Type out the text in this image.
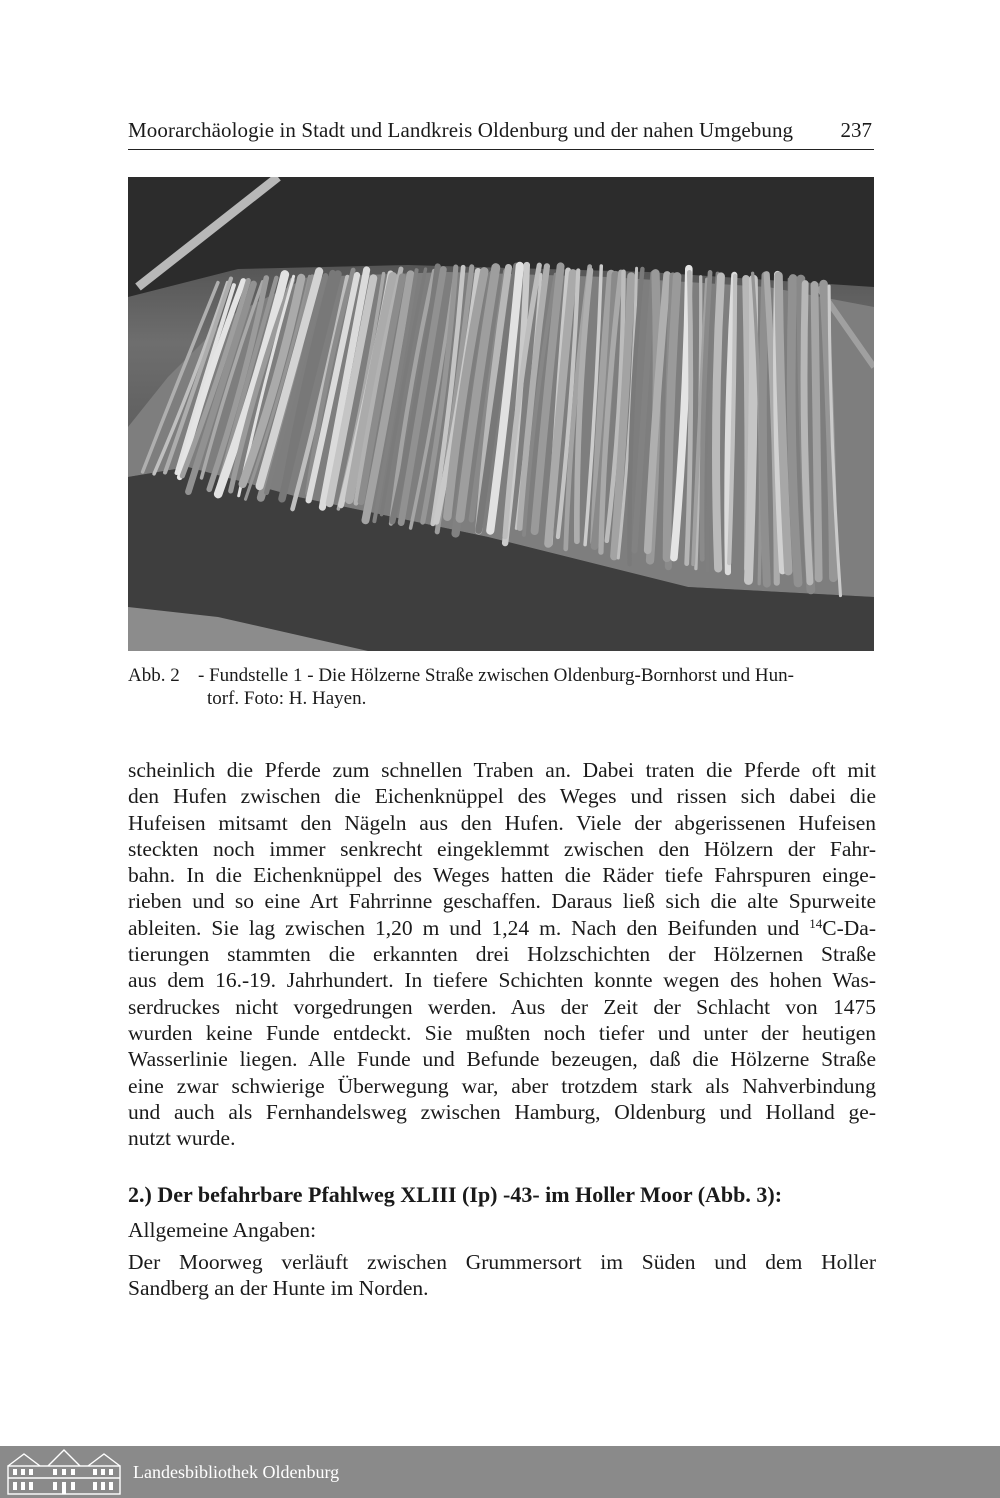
Moorarchäologie in Stadt und Landkreis Oldenburg und der nahen Umgebung 237
Abb. 2 - Fundstelle 1 - Die Hölzerne Straße zwischen Oldenburg-Bornhorst und Hun-
torf. Foto: H. Hayen.
scheinlich die Pferde zum schnellen Traben an. Dabei traten die Pferde oft mit
den Hufen zwischen die Eichenknüppel des Weges und rissen sich dabei die
Hufeisen mitsamt den Nägeln aus den Hufen. Viele der abgerissenen Hufeisen
steckten noch immer senkrecht eingeklemmt zwischen den Hölzern der Fahr-
bahn. In die Eichenknüppel des Weges hatten die Räder tiefe Fahrspuren einge-
rieben und so eine Art Fahrrinne geschaffen. Daraus ließ sich die alte Spurweite
ableiten. Sie lag zwischen 1,20 m und 1,24 m. Nach den Beifunden und $^{14}$C-Da-
tierungen stammten die erkannten drei Holzschichten der Hölzernen Straße
aus dem 16.-19. Jahrhundert. In tiefere Schichten konnte wegen des hohen Was-
serdruckes nicht vorgedrungen werden. Aus der Zeit der Schlacht von 1475
wurden keine Funde entdeckt. Sie mußten noch tiefer und unter der heutigen
Wasserlinie liegen. Alle Funde und Befunde bezeugen, daß die Hölzerne Straße
eine zwar schwierige Überwegung war, aber trotzdem stark als Nahverbindung
und auch als Fernhandelsweg zwischen Hamburg, Oldenburg und Holland ge-
nutzt wurde.
2.) Der befahrbare Pfahlweg XLIII (Ip) -43- im Holler Moor (Abb. 3):
Allgemeine Angaben:
Der Moorweg verläuft zwischen Grummersort im Süden und dem Holler
Sandberg an der Hunte im Norden.
Landesbibliothek Oldenburg
